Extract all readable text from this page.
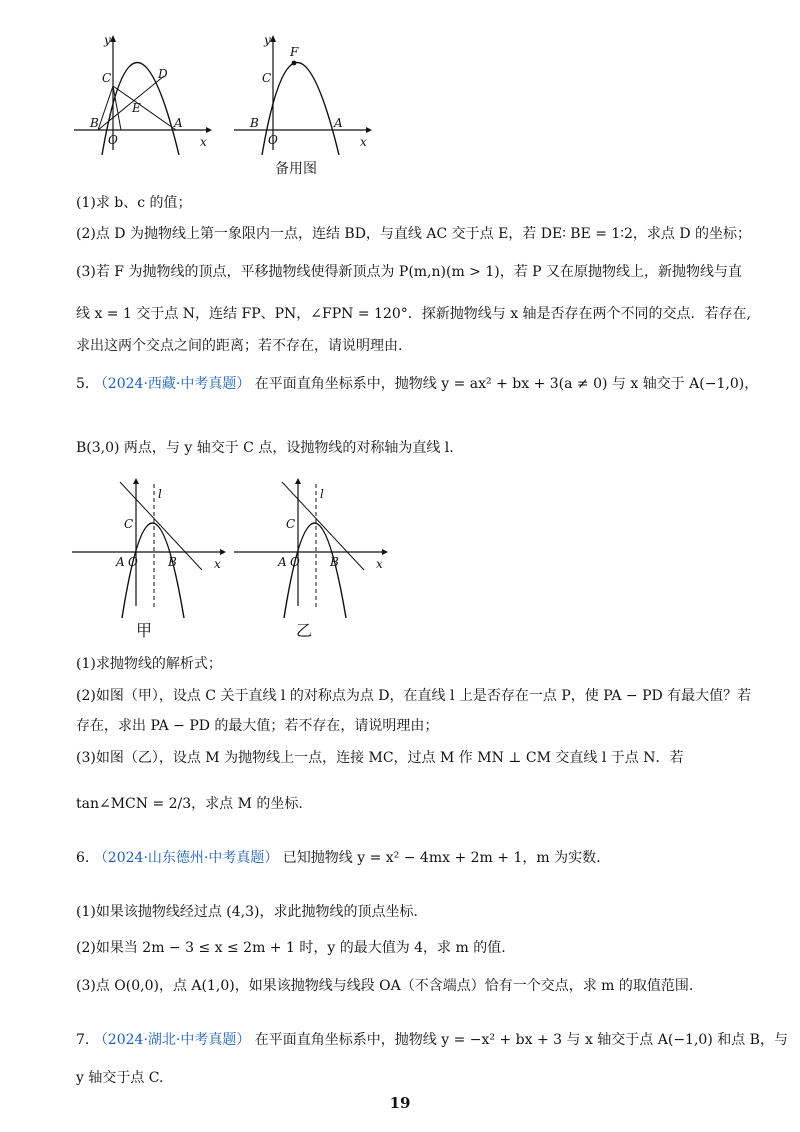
y
x
C	D
E
B
O
A
y
x
C
F
B
O
A
备用图
(1)求 b、c 的值；
(2)点 D 为抛物线上第一象限内一点，连结 BD，与直线 AC 交于点 E，若 DE∶ BE = 1∶2，求点 D 的坐标；
(3)若 F 为抛物线的顶点，平移抛物线使得新顶点为 P(m,n)(m > 1)，若 P 又在原抛物线上，新抛物线与直
线 x = 1 交于点 N，连结 FP、PN，∠FPN = 120°．探新抛物线与 x 轴是否存在两个不同的交点．若存在,
求出这两个交点之间的距离；若不存在，请说明理由.
5. （2024·西藏·中考真题） 在平面直角坐标系中，抛物线 y = ax² + bx + 3(a ≠ 0) 与 x 轴交于 A(−1,0)，
B(3,0) 两点，与 y 轴交于 C 点，设抛物线的对称轴为直线 l.
l
C
A O	B	x
甲
l
C
A O	B	x
乙
(1)求抛物线的解析式；
(2)如图（甲），设点 C 关于直线 l 的对称点为点 D，在直线 l 上是否存在一点 P，使 PA − PD 有最大值？若
存在，求出 PA − PD 的最大值；若不存在，请说明理由；
(3)如图（乙），设点 M 为抛物线上一点，连接 MC，过点 M 作 MN ⊥ CM 交直线 l 于点 N．若
tan∠MCN = 2/3，求点 M 的坐标.
6. （2024·山东德州·中考真题） 已知抛物线 y = x² − 4mx + 2m + 1，m 为实数.
(1)如果该抛物线经过点 (4,3)，求此抛物线的顶点坐标.
(2)如果当 2m − 3 ≤ x ≤ 2m + 1 时，y 的最大值为 4，求 m 的值.
(3)点 O(0,0)，点 A(1,0)，如果该抛物线与线段 OA（不含端点）恰有一个交点，求 m 的取值范围.
7. （2024·湖北·中考真题） 在平面直角坐标系中，抛物线 y = −x² + bx + 3 与 x 轴交于点 A(−1,0) 和点 B，与
y 轴交于点 C.
19
